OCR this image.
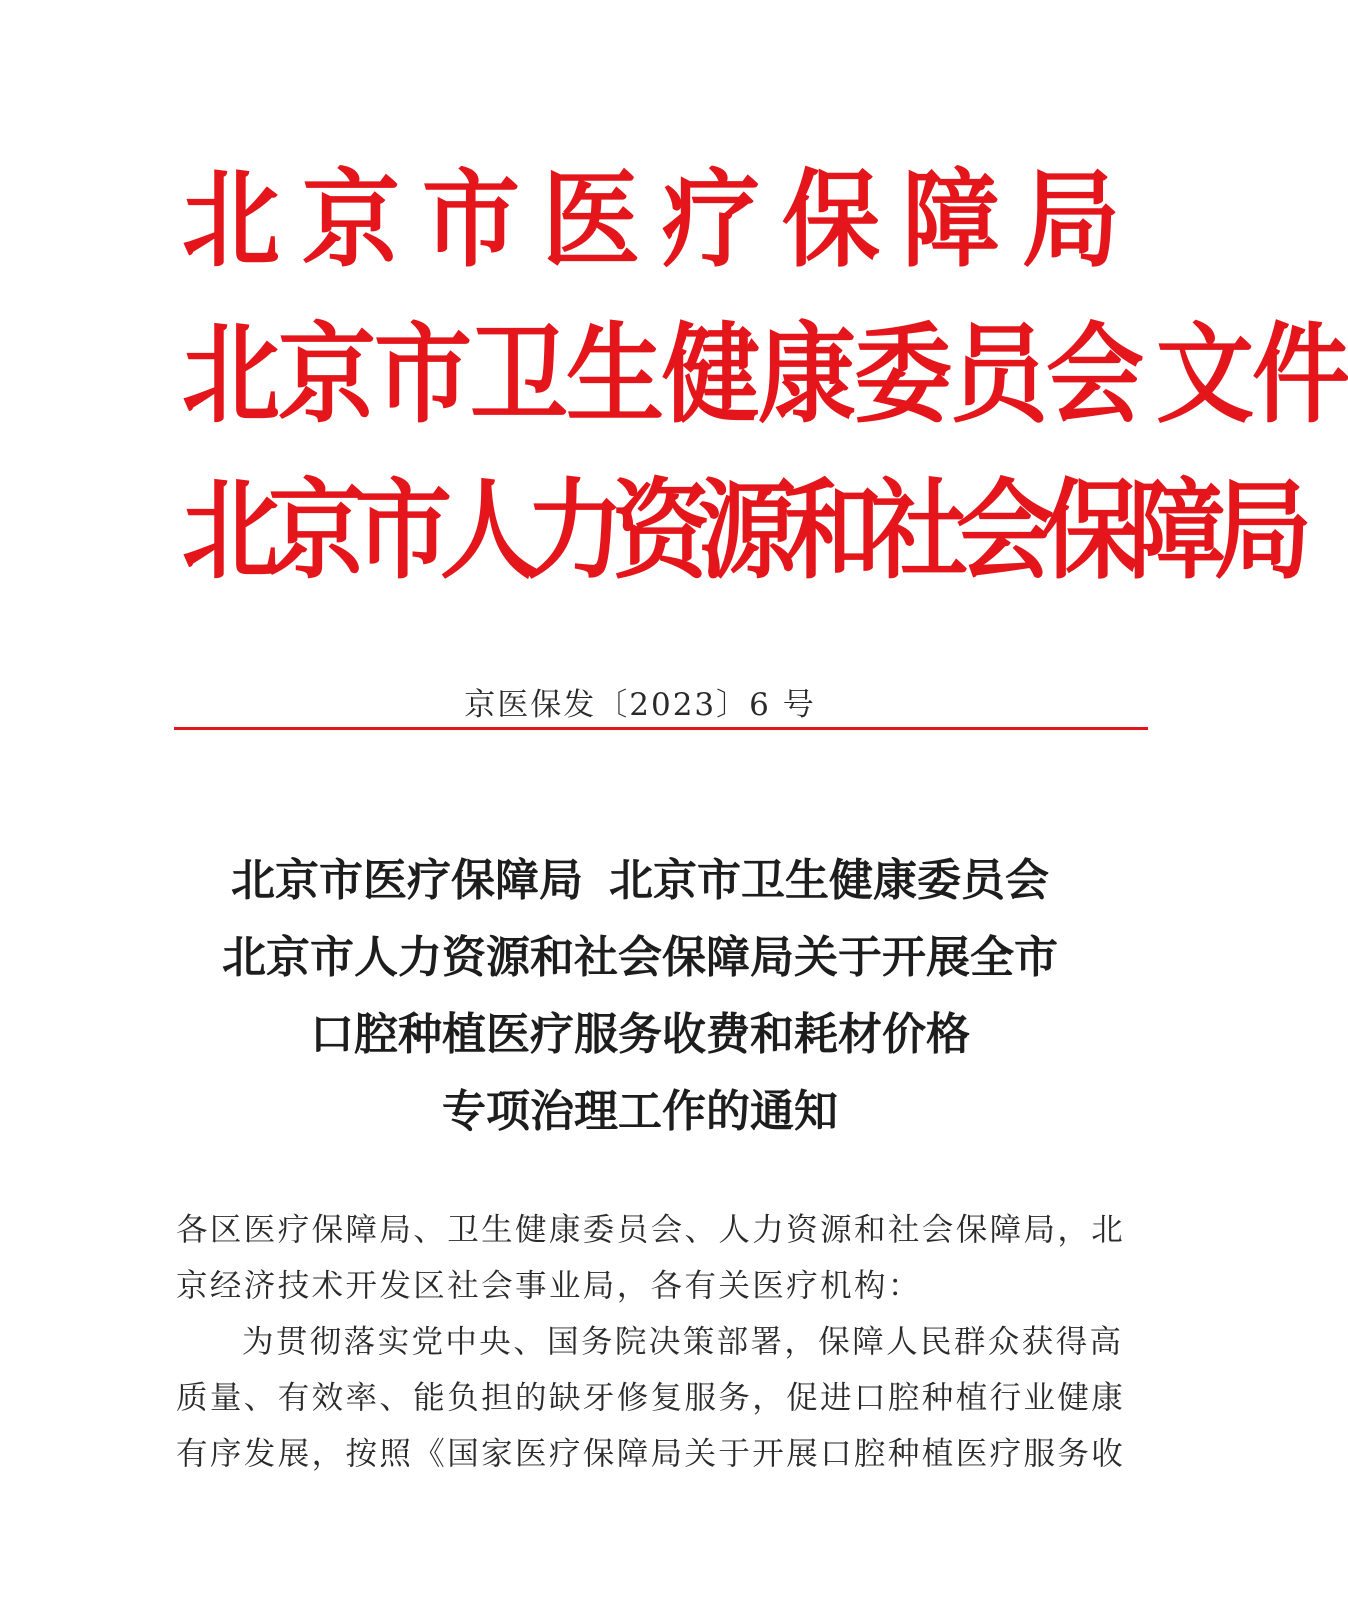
北京市医疗保障局
北京市卫生健康委员会 文件
北京市人力资源和社会保障局
京医保发〔2023〕6 号
北京市医疗保障局 北京市卫生健康委员会
北京市人力资源和社会保障局关于开展全市
口腔种植医疗服务收费和耗材价格
专项治理工作的通知
各区医疗保障局、卫生健康委员会、人力资源和社会保障局，北
京经济技术开发区社会事业局，各有关医疗机构：
为贯彻落实党中央、国务院决策部署，保障人民群众获得高
质量、有效率、能负担的缺牙修复服务，促进口腔种植行业健康
有序发展，按照《国家医疗保障局关于开展口腔种植医疗服务收
